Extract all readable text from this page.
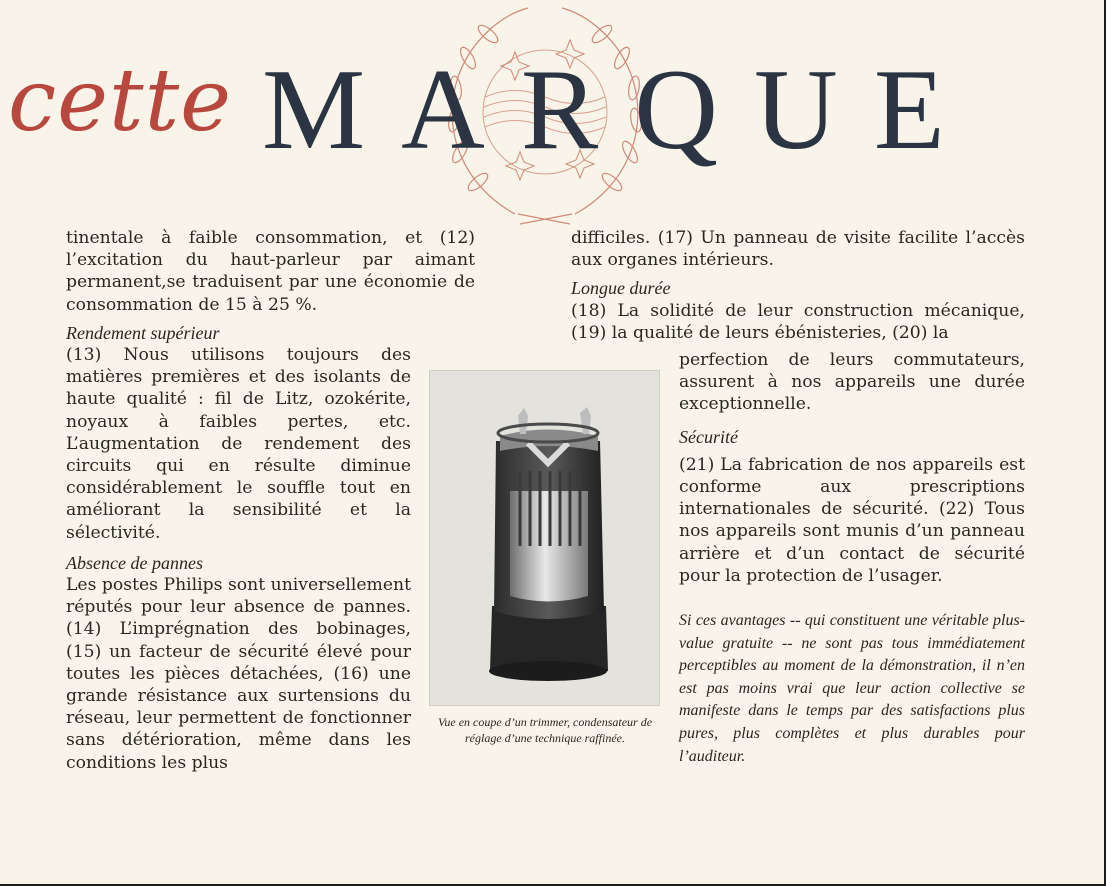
cette MARQUE

tinentale à faible consommation, et (12) l’excitation du haut-parleur par aimant permanent,se traduisent par une économie de consommation de 15 à 25 %.

Rendement supérieur

(13) Nous utilisons toujours des matières premières et des isolants de haute qualité : fil de Litz, ozokérite, noyaux à faibles pertes, etc. L’augmentation de rendement des circuits qui en résulte diminue considérablement le souffle tout en améliorant la sensibilité et la sélectivité.

Absence de pannes

Les postes Philips sont universellement réputés pour leur absence de pannes. (14) L’imprégnation des bobinages, (15) un facteur de sécurité élevé pour toutes les pièces détachées, (16) une grande résistance aux surtensions du réseau, leur permettent de fonctionner sans détérioration, même dans les conditions les plus

difficiles. (17) Un panneau de visite facilite l’accès aux organes intérieurs.

Longue durée

(18) La solidité de leur construction mécanique, (19) la qualité de leurs ébénisteries, (20) la

perfection de leurs commutateurs, assurent à nos appareils une durée exceptionnelle.

Sécurité

(21) La fabrication de nos appareils est conforme aux prescriptions internationales de sécurité. (22) Tous nos appareils sont munis d’un panneau arrière et d’un contact de sécurité pour la protection de l’usager.

Vue en coupe d’un trimmer, condensateur de réglage d’une technique raffinée.
Si ces avantages -- qui constituent une véritable plus-value gratuite -- ne sont pas tous immédiatement perceptibles au moment de la démonstration, il n’en est pas moins vrai que leur action collective se manifeste dans le temps par des satisfactions plus pures, plus complètes et plus durables pour l’auditeur.
